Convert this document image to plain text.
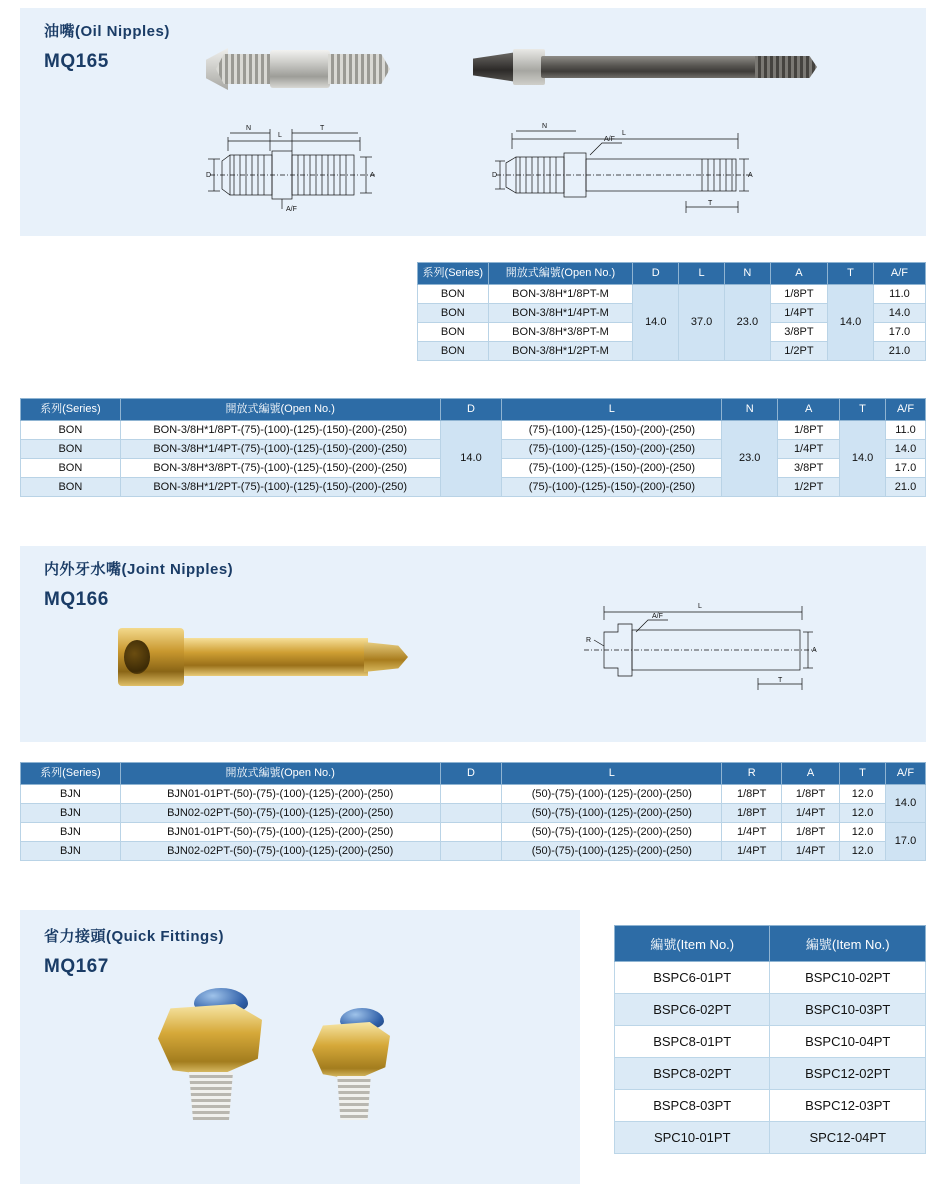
油嘴(Oil Nipples)
MQ165
L
N	T
D	A
A/F
L
N
A/F
D	A
T
系列(Series)	開放式編號(Open No.)	D	L	N	A	T	A/F
BON	BON-3/8H*1/8PT-M	14.0	37.0	23.0	1/8PT	14.0	11.0
BON	BON-3/8H*1/4PT-M				1/4PT		14.0
BON	BON-3/8H*3/8PT-M				3/8PT		17.0
BON	BON-3/8H*1/2PT-M				1/2PT		21.0
系列(Series)	開放式編號(Open No.)	D	L	N	A	T	A/F
BON	BON-3/8H*1/8PT-(75)-(100)-(125)-(150)-(200)-(250)	14.0	(75)-(100)-(125)-(150)-(200)-(250)	23.0	1/8PT	14.0	11.0
BON	BON-3/8H*1/4PT-(75)-(100)-(125)-(150)-(200)-(250)		(75)-(100)-(125)-(150)-(200)-(250)		1/4PT		14.0
BON	BON-3/8H*3/8PT-(75)-(100)-(125)-(150)-(200)-(250)		(75)-(100)-(125)-(150)-(200)-(250)		3/8PT		17.0
BON	BON-3/8H*1/2PT-(75)-(100)-(125)-(150)-(200)-(250)		(75)-(100)-(125)-(150)-(200)-(250)		1/2PT		21.0
内外牙水嘴(Joint Nipples)
MQ166	L
A/F
R
A
T
系列(Series)	開放式編號(Open No.)	D	L	R	A	T	A/F
BJN	BJN01-01PT-(50)-(75)-(100)-(125)-(200)-(250)		(50)-(75)-(100)-(125)-(200)-(250)	1/8PT	1/8PT	12.0	14.0
BJN	BJN02-02PT-(50)-(75)-(100)-(125)-(200)-(250)		(50)-(75)-(100)-(125)-(200)-(250)	1/8PT	1/4PT	12.0	
BJN	BJN01-01PT-(50)-(75)-(100)-(125)-(200)-(250)		(50)-(75)-(100)-(125)-(200)-(250)	1/4PT	1/8PT	12.0	17.0
BJN	BJN02-02PT-(50)-(75)-(100)-(125)-(200)-(250)		(50)-(75)-(100)-(125)-(200)-(250)	1/4PT	1/4PT	12.0	
省力接頭(Quick Fittings)
MQ167
編號(Item No.)	編號(Item No.)
BSPC6-01PT	BSPC10-02PT
BSPC6-02PT	BSPC10-03PT
BSPC8-01PT	BSPC10-04PT
BSPC8-02PT	BSPC12-02PT
BSPC8-03PT	BSPC12-03PT
SPC10-01PT	SPC12-04PT
